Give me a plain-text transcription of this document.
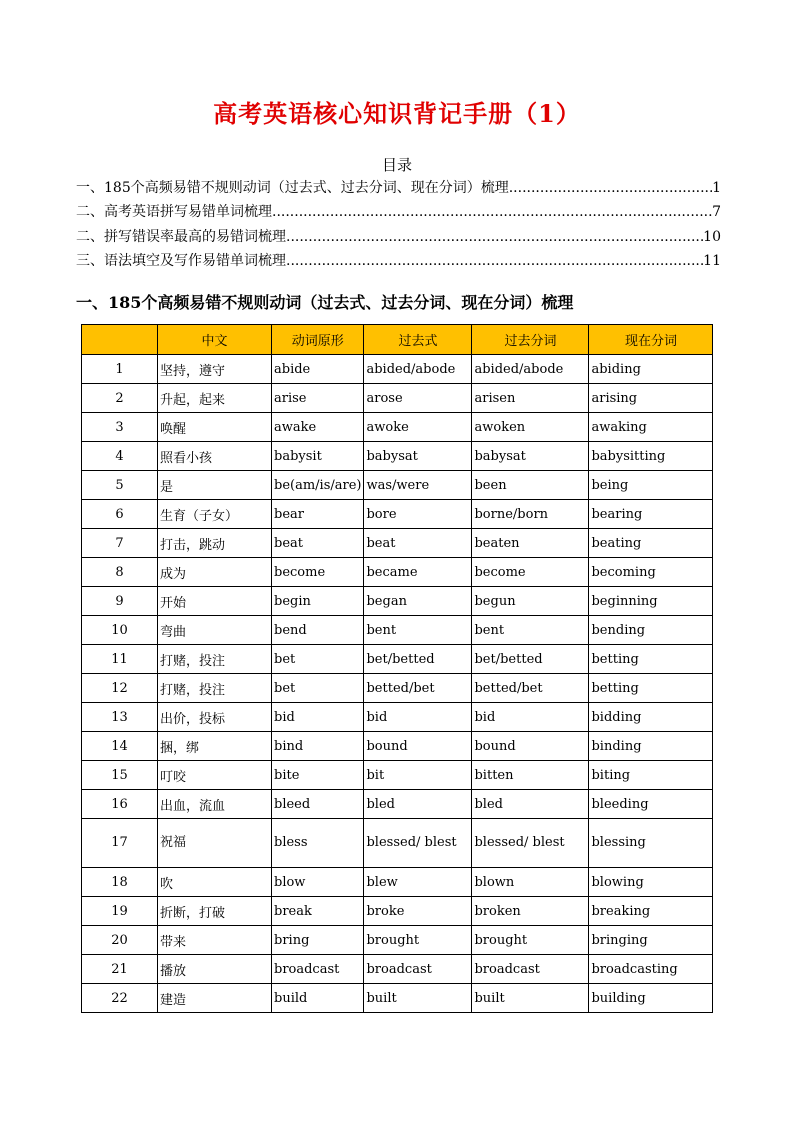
高考英语核心知识背记手册（1）
目录
一、185个高频易错不规则动词（过去式、过去分词、现在分词）梳理 .....	1
二、高考英语拼写易错单词梳理 .....	7
二、拼写错误率最高的易错词梳理 .....	10
三、语法填空及写作易错单词梳理 .....	11
一、185个高频易错不规则动词（过去式、过去分词、现在分词）梳理
	中文	动词原形	过去式	过去分词	现在分词
1	坚持，遵守	abide	abided/abode	abided/abode	abiding
2	升起，起来	arise	arose	arisen	arising
3	唤醒	awake	awoke	awoken	awaking
4	照看小孩	babysit	babysat	babysat	babysitting
5	是	be(am/is/are)	was/were	been	being
6	生育（子女）	bear	bore	borne/born	bearing
7	打击，跳动	beat	beat	beaten	beating
8	成为	become	became	become	becoming
9	开始	begin	began	begun	beginning
10	弯曲	bend	bent	bent	bending
11	打赌，投注	bet	bet/betted	bet/betted	betting
12	打赌，投注	bet	betted/bet	betted/bet	betting
13	出价，投标	bid	bid	bid	bidding
14	捆，绑	bind	bound	bound	binding
15	叮咬	bite	bit	bitten	biting
16	出血，流血	bleed	bled	bled	bleeding
17	祝福	bless	blessed/ blest	blessed/ blest	blessing
18	吹	blow	blew	blown	blowing
19	折断，打破	break	broke	broken	breaking
20	带来	bring	brought	brought	bringing
21	播放	broadcast	broadcast	broadcast	broadcasting
22	建造	build	built	built	building
